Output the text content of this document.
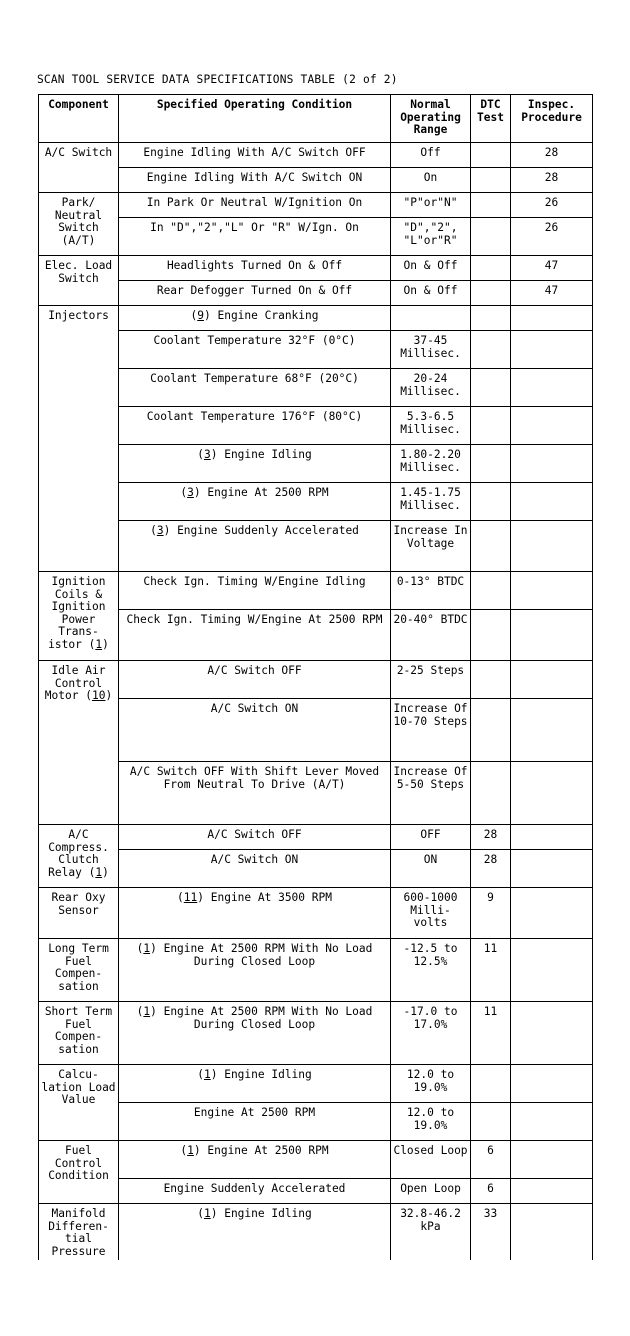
SCAN TOOL SERVICE DATA SPECIFICATIONS TABLE (2 of 2)
Component	Specified Operating Condition	Normal Operating Range	DTC Test	Inspec. Procedure
A/C Switch	Engine Idling With A/C Switch OFF	Off		28
	Engine Idling With A/C Switch ON	On		28
Park/ Neutral Switch (A/T)	In Park Or Neutral W/Ignition On	"P"or"N"		26
	In "D","2","L" Or "R" W/Ign. On	"D","2", "L"or"R"		26
Elec. Load Switch	Headlights Turned On & Off	On & Off		47
	Rear Defogger Turned On & Off	On & Off		47
Injectors	(9) Engine Cranking			
	Coolant Temperature 32°F (0°C)	37-45 Millisec.		
	Coolant Temperature 68°F (20°C)	20-24 Millisec.		
	Coolant Temperature 176°F (80°C)	5.3-6.5 Millisec.		
	(3) Engine Idling	1.80-2.20 Millisec.		
	(3) Engine At 2500 RPM	1.45-1.75 Millisec.		
	(3) Engine Suddenly Accelerated	Increase In Voltage		
Ignition Coils & Ignition Power Trans- istor (1)	Check Ign. Timing W/Engine Idling	0-13° BTDC		
	Check Ign. Timing W/Engine At 2500 RPM	20-40° BTDC		
Idle Air Control Motor (10)	A/C Switch OFF	2-25 Steps		
	A/C Switch ON	Increase Of 10-70 Steps		
	A/C Switch OFF With Shift Lever Moved From Neutral To Drive (A/T)	Increase Of 5-50 Steps		
A/C Compress. Clutch Relay (1)	A/C Switch OFF	OFF	28	
	A/C Switch ON	ON	28	
Rear Oxy Sensor	(11) Engine At 3500 RPM	600-1000 Milli- volts	9	
Long Term Fuel Compen- sation	(1) Engine At 2500 RPM With No Load During Closed Loop	-12.5 to 12.5%	11	
Short Term Fuel Compen- sation	(1) Engine At 2500 RPM With No Load During Closed Loop	-17.0 to 17.0%	11	
Calcu- lation Load Value	(1) Engine Idling	12.0 to 19.0%		
	Engine At 2500 RPM	12.0 to 19.0%		
Fuel Control Condition	(1) Engine At 2500 RPM	Closed Loop	6	
	Engine Suddenly Accelerated	Open Loop	6	
Manifold Differen- tial Pressure	(1) Engine Idling	32.8-46.2 kPa	33	
